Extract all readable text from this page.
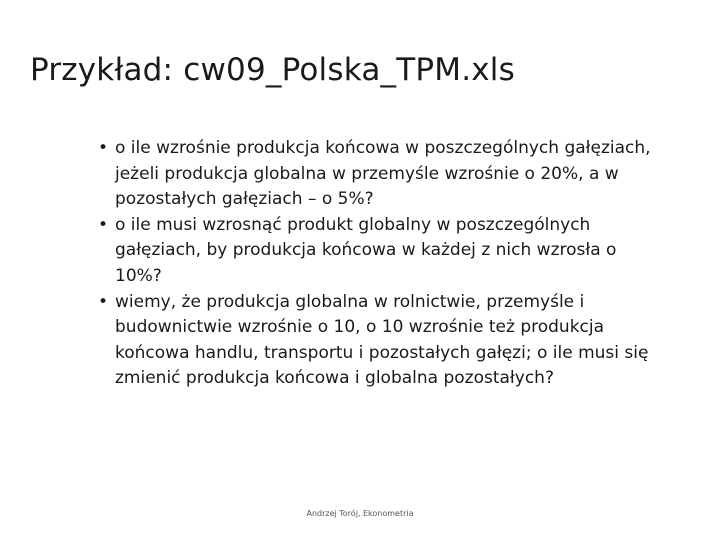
Przykład: cw09_Polska_TPM.xls
• o ile wzrośnie produkcja końcowa w poszczególnych gałęziach, jeżeli produkcja globalna w przemyśle wzrośnie o 20%, a w pozostałych gałęziach – o 5%?
• o ile musi wzrosnąć produkt globalny w poszczególnych gałęziach, by produkcja końcowa w każdej z nich wzrosła o 10%?
• wiemy, że produkcja globalna w rolnictwie, przemyśle i budownictwie wzrośnie o 10, o 10 wzrośnie też produkcja końcowa handlu, transportu i pozostałych gałęzi; o ile musi się zmienić produkcja końcowa i globalna pozostałych?

Andrzej Torój, Ekonometria
